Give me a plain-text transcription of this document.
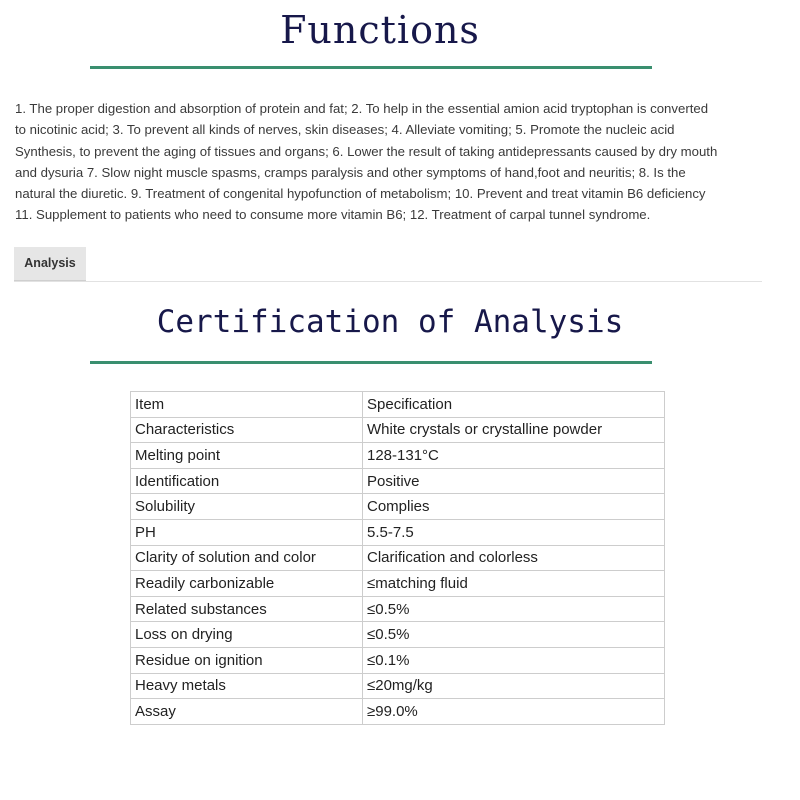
Functions
1. The proper digestion and absorption of protein and fat; 2. To help in the essential amion acid tryptophan is converted
to nicotinic acid; 3. To prevent all kinds of nerves, skin diseases; 4. Alleviate vomiting; 5. Promote the nucleic acid
Synthesis, to prevent the aging of tissues and organs; 6. Lower the result of taking antidepressants caused by dry mouth
and dysuria 7. Slow night muscle spasms, cramps paralysis and other symptoms of hand,foot and neuritis; 8. Is the
natural the diuretic. 9. Treatment of congenital hypofunction of metabolism; 10. Prevent and treat vitamin B6 deficiency
11. Supplement to patients who need to consume more vitamin B6; 12. Treatment of carpal tunnel syndrome.
Analysis
Certification of Analysis
Item	Specification
Characteristics	White crystals or crystalline powder
Melting point	128-131°C
Identification	Positive
Solubility	Complies
PH	5.5-7.5
Clarity of solution and color	Clarification and colorless
Readily carbonizable	≤matching fluid
Related substances	≤0.5%
Loss on drying	≤0.5%
Residue on ignition	≤0.1%
Heavy metals	≤20mg/kg
Assay	≥99.0%
